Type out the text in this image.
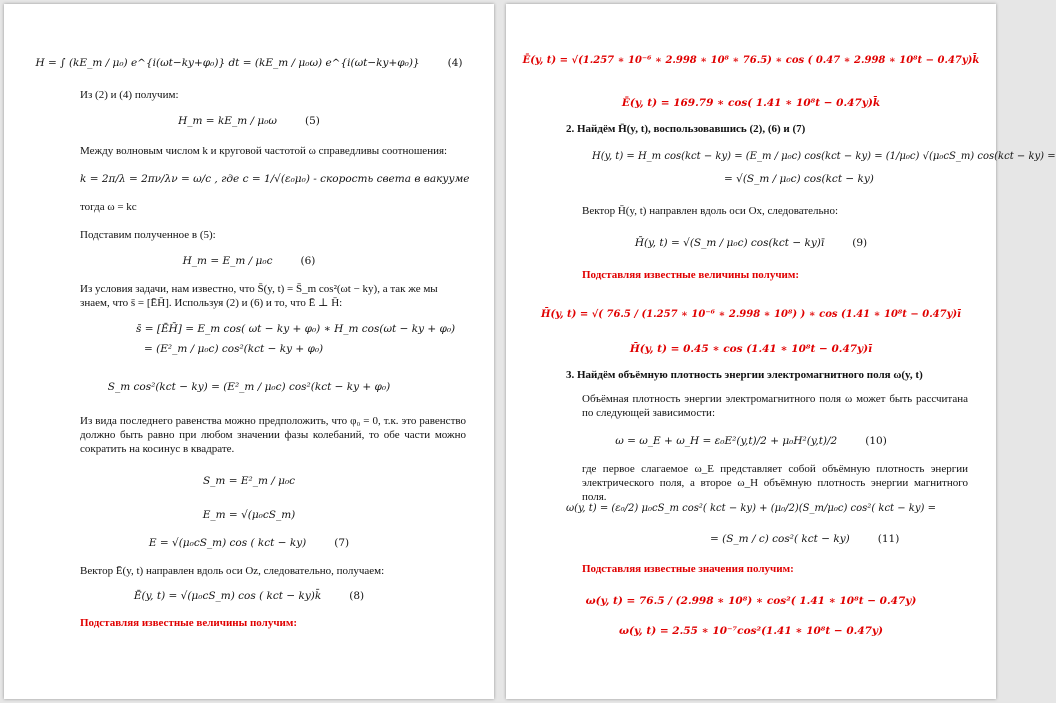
H = ∫ (kE_m / μ₀) e^{i(ωt−ky+φ₀)} dt = (kE_m / μ₀ω) e^{i(ωt−ky+φ₀)}	(4)
Из (2) и (4) получим:
H_m = kE_m / μ₀ω	(5)
Между волновым числом k и круговой частотой ω справедливы соотношения:
k = 2π/λ = 2πν/λν = ω/c , где c = 1/√(ε₀μ₀) - скорость света в вакууме
тогда ω = kc
Подставим полученное в (5):
H_m = E_m / μ₀c	(6)
Из условия задачи, нам известно, что S̄(y, t) = S̄_m cos²(ωt − ky), а так же мы
знаем, что s̄ = [ĒH̄]. Используя (2) и (6) и то, что Ē ⊥ H̄:
s̄ = [ĒH̄] = E_m cos( ωt − ky + φ₀) ∗ H_m cos(ωt − ky + φ₀)
= (E²_m / μ₀c) cos²(kct − ky + φ₀)
S_m cos²(kct − ky) = (E²_m / μ₀c) cos²(kct − ky + φ₀)
Из вида последнего равенства можно предположить, что φ₀ = 0, т.к. это равенство должно быть равно при любом значении фазы колебаний, то обе части можно сократить на косинус в квадрате.
S_m = E²_m / μ₀c
E_m = √(μ₀cS_m)
E = √(μ₀cS_m) cos ( kct − ky)	(7)
Вектор Ē(y, t) направлен вдоль оси Oz, следовательно, получаем:
Ē(y, t) = √(μ₀cS_m) cos ( kct − ky)k̄	(8)
Подставляя известные величины получим:
Ē(y, t) = √(1.257 ∗ 10⁻⁶ ∗ 2.998 ∗ 10⁸ ∗ 76.5) ∗ cos ( 0.47 ∗ 2.998 ∗ 10⁸t − 0.47y)k̄
Ē(y, t) = 169.79 ∗ cos( 1.41 ∗ 10⁸t − 0.47y)k̄
2. Найдём H̄(y, t), воспользовавшись (2), (6) и (7)
H(y, t) = H_m cos(kct − ky) = (E_m / μ₀c) cos(kct − ky) = (1/μ₀c) √(μ₀cS_m) cos(kct − ky) =
= √(S_m / μ₀c) cos(kct − ky)
Вектор H̄(y, t) направлен вдоль оси Ox, следовательно:
H̄(y, t) = √(S_m / μ₀c) cos(kct − ky)ī	(9)
Подставляя известные величины получим:
H̄(y, t) = √( 76.5 / (1.257 ∗ 10⁻⁶ ∗ 2.998 ∗ 10⁸) ) ∗ cos (1.41 ∗ 10⁸t − 0.47y)ī
H̄(y, t) = 0.45 ∗ cos (1.41 ∗ 10⁸t − 0.47y)ī
3. Найдём объёмную плотность энергии электромагнитного поля ω(y, t)
Объёмная плотность энергии электромагнитного поля ω может быть рассчитана по следующей зависимости:
ω = ω_E + ω_H = ε₀E²(y,t)/2 + μ₀H²(y,t)/2	(10)
где первое слагаемое ω_E представляет собой объёмную плотность энергии электрического поля, а второе ω_H объёмную плотность энергии магнитного поля.
ω(y, t) = (ε₀/2) μ₀cS_m cos²( kct − ky) + (μ₀/2)(S_m/μ₀c) cos²( kct − ky) =
= (S_m / c) cos²( kct − ky)	(11)
Подставляя известные значения получим:
ω(y, t) = 76.5 / (2.998 ∗ 10⁸) ∗ cos²( 1.41 ∗ 10⁸t − 0.47y)
ω(y, t) = 2.55 ∗ 10⁻⁷cos²(1.41 ∗ 10⁸t − 0.47y)
